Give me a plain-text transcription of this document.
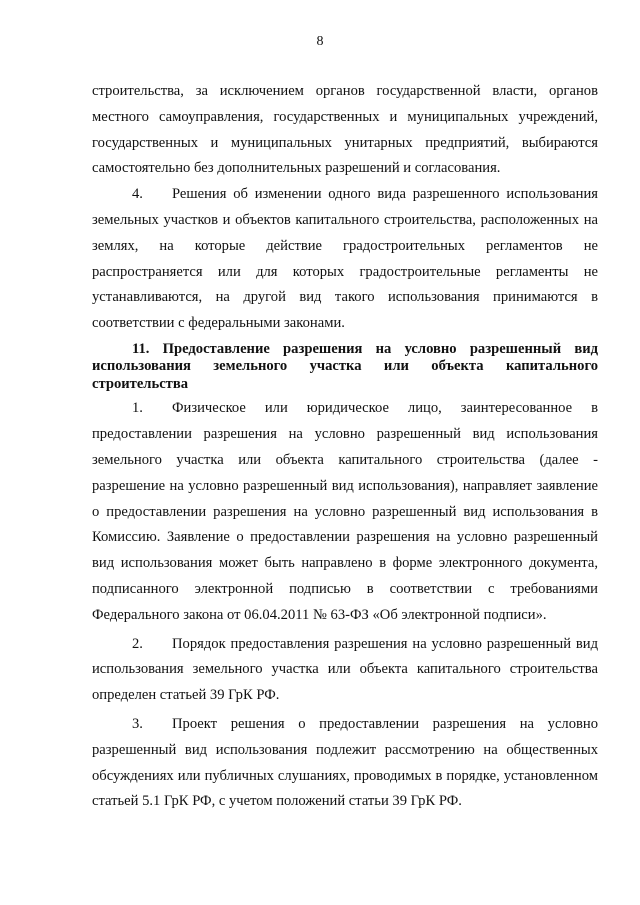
8

строительства, за исключением органов государственной власти, органов местного самоуправления, государственных и муниципальных учреждений, государственных и муниципальных унитарных предприятий, выбираются самостоятельно без дополнительных разрешений и согласования.

4. Решения об изменении одного вида разрешенного использования земельных участков и объектов капитального строительства, расположенных на землях, на которые действие градостроительных регламентов не распространяется или для которых градостроительные регламенты не устанавливаются, на другой вид такого использования принимаются в соответствии с федеральными законами.

11. Предоставление разрешения на условно разрешенный вид использования земельного участка или объекта капитального строительства

1. Физическое или юридическое лицо, заинтересованное в предоставлении разрешения на условно разрешенный вид использования земельного участка или объекта капитального строительства (далее - разрешение на условно разрешенный вид использования), направляет заявление о предоставлении разрешения на условно разрешенный вид использования в Комиссию. Заявление о предоставлении разрешения на условно разрешенный вид использования может быть направлено в форме электронного документа, подписанного электронной подписью в соответствии с требованиями Федерального закона от 06.04.2011 № 63-ФЗ «Об электронной подписи».

2. Порядок предоставления разрешения на условно разрешенный вид использования земельного участка или объекта капитального строительства определен статьей 39 ГрК РФ.

3. Проект решения о предоставлении разрешения на условно разрешенный вид использования подлежит рассмотрению на общественных обсуждениях или публичных слушаниях, проводимых в порядке, установленном статьей 5.1 ГрК РФ, с учетом положений статьи 39 ГрК РФ.
